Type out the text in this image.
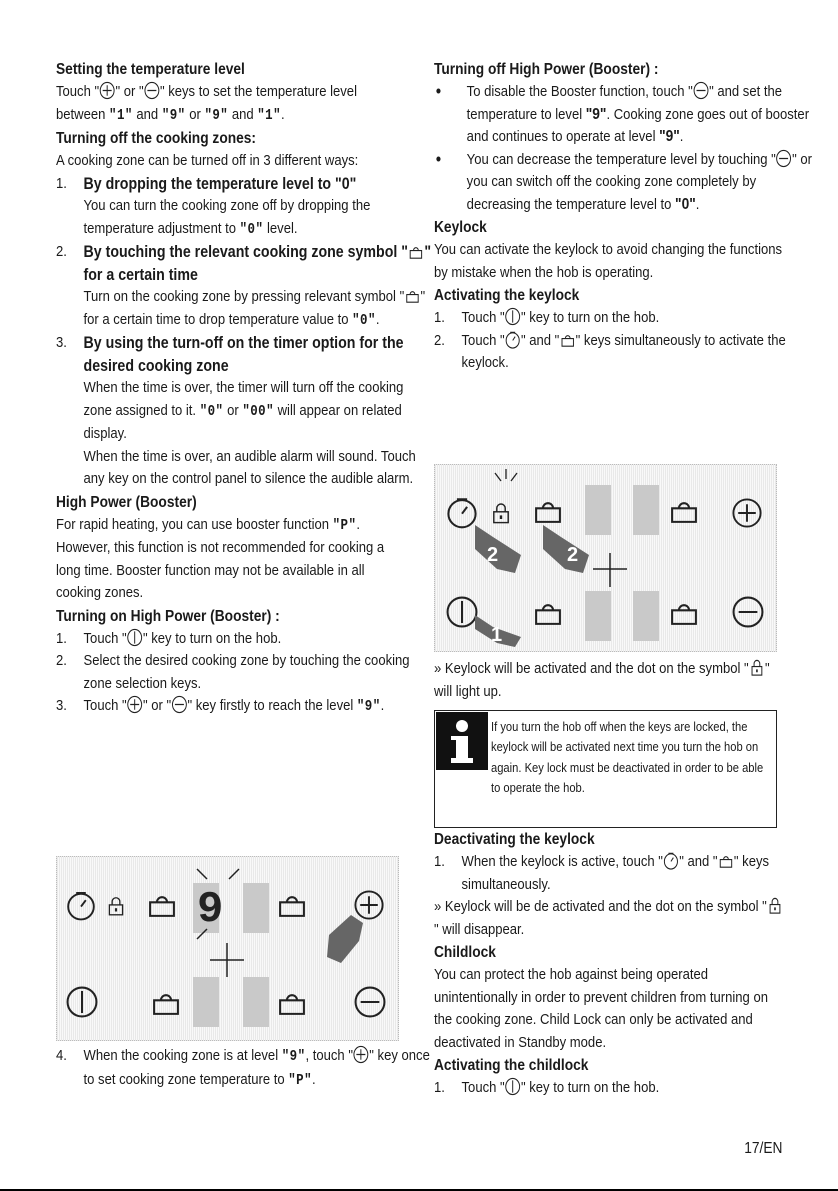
Setting the temperature level
Touch " " or " " keys to set the temperature level between "1" and "9" or "9" and "1".
Turning off the cooking zones:
A cooking zone can be turned off in 3 different ways:
1. By dropping the temperature level to "0"
You can turn the cooking zone off by dropping the temperature adjustment to "0" level.
2. By touching the relevant cooking zone symbol " " for a certain time
Turn on the cooking zone by pressing relevant symbol " " for a certain time to drop temperature value to "0".
3. By using the turn-off on the timer option for the desired cooking zone
When the time is over, the timer will turn off the cooking zone assigned to it. "0" or "00" will appear on related display.
When the time is over, an audible alarm will sound. Touch any key on the control panel to silence the audible alarm.
High Power (Booster)
For rapid heating, you can use booster function "P". However, this function is not recommended for cooking a long time. Booster function may not be available in all cooking zones.
Turning on High Power (Booster) :
1. Touch " " key to turn on the hob.
2. Select the desired cooking zone by touching the cooking zone selection keys.
3. Touch " " or " " key firstly to reach the level "9".
9
4. When the cooking zone is at level "9", touch " " key once to set cooking zone temperature to "P".
Turning off High Power (Booster) :
• To disable the Booster function, touch " " and set the temperature to level "9". Cooking zone goes out of booster and continues to operate at level "9".
• You can decrease the temperature level by touching " " or you can switch off the cooking zone completely by decreasing the temperature level to "0".
Keylock
You can activate the keylock to avoid changing the functions by mistake when the hob is operating.
Activating the keylock
1. Touch " " key to turn on the hob.
2. Touch " " and " " keys simultaneously to activate the keylock.
2	2
1
» Keylock will be activated and the dot on the symbol " " will light up.
If you turn the hob off when the keys are locked, the keylock will be activated next time you turn the hob on again. Key lock must be deactivated in order to be able to operate the hob.
Deactivating the keylock
1. When the keylock is active, touch " " and " " keys simultaneously.
» Keylock will be de activated and the dot on the symbol "" will disappear.
Childlock
You can protect the hob against being operated unintentionally in order to prevent children from turning on the cooking zone. Child Lock can only be activated and deactivated in Standby mode.
Activating the childlock
1. Touch " " key to turn on the hob.
17/EN
